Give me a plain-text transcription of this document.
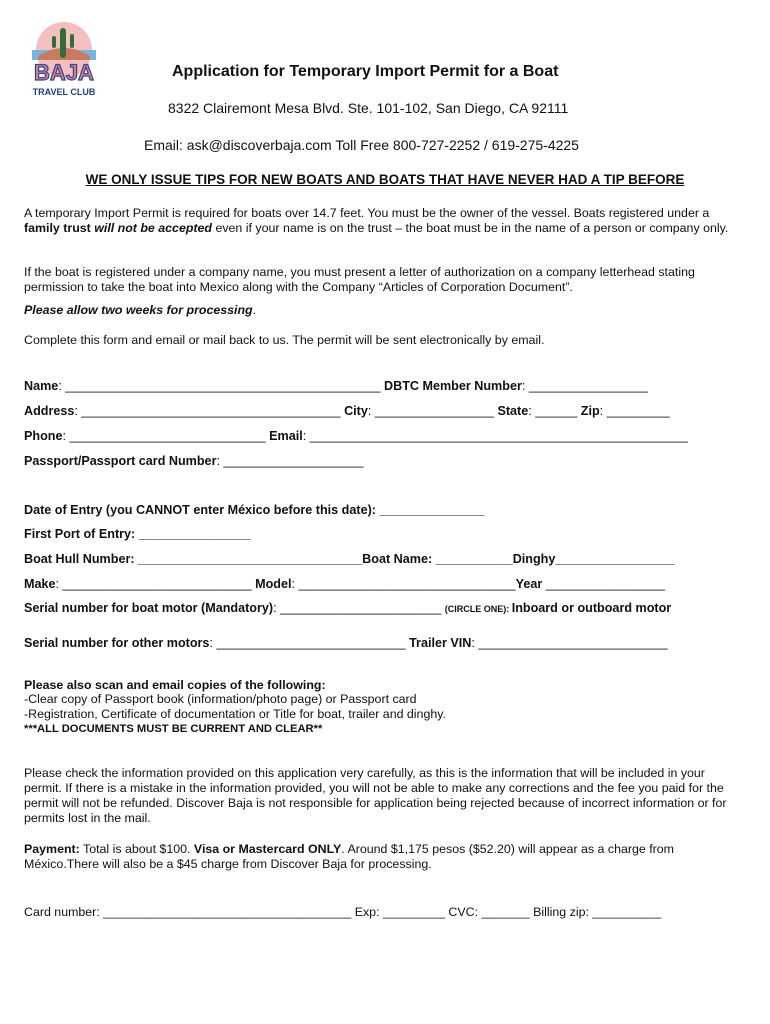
BAJA
TRAVEL CLUB
Application for Temporary Import Permit for a Boat
8322 Clairemont Mesa Blvd. Ste. 101-102, San Diego, CA 92111
Email: ask@discoverbaja.com Toll Free 800-727-2252 / 619-275-4225
WE ONLY ISSUE TIPS FOR NEW BOATS AND BOATS THAT HAVE NEVER HAD A TIP BEFORE
A temporary Import Permit is required for boats over 14.7 feet. You must be the owner of the vessel. Boats registered under a family trust will not be accepted even if your name is on the trust – the boat must be in the name of a person or company only.
If the boat is registered under a company name, you must present a letter of authorization on a company letterhead stating permission to take the boat into Mexico along with the Company “Articles of Corporation Document”.
Please allow two weeks for processing.
Complete this form and email or mail back to us. The permit will be sent electronically by email.
Name: _____________________________________________ DBTC Member Number: _________________
Address: _____________________________________ City: _________________ State: ______ Zip: _________
Phone: ____________________________ Email: ______________________________________________________
Passport/Passport card Number: ____________________
Date of Entry (you CANNOT enter México before this date): _______________
First Port of Entry: ________________
Boat Hull Number: ________________________________Boat Name: ___________Dinghy_________________
Make: ___________________________ Model: _______________________________Year _________________
Serial number for boat motor (Mandatory): _______________________ (CIRCLE ONE): Inboard or outboard motor
Serial number for other motors: ___________________________ Trailer VIN: ___________________________
Please also scan and email copies of the following:
-Clear copy of Passport book (information/photo page) or Passport card
-Registration, Certificate of documentation or Title for boat, trailer and dinghy.
***ALL DOCUMENTS MUST BE CURRENT AND CLEAR**
Please check the information provided on this application very carefully, as this is the information that will be included in your permit. If there is a mistake in the information provided, you will not be able to make any corrections and the fee you paid for the permit will not be refunded. Discover Baja is not responsible for application being rejected because of incorrect information or for permits lost in the mail.
Payment: Total is about $100. Visa or Mastercard ONLY. Around $1,175 pesos ($52.20) will appear as a charge from México.There will also be a $45 charge from Discover Baja for processing.
Card number: ____________________________________ Exp: _________ CVC: _______ Billing zip: __________
